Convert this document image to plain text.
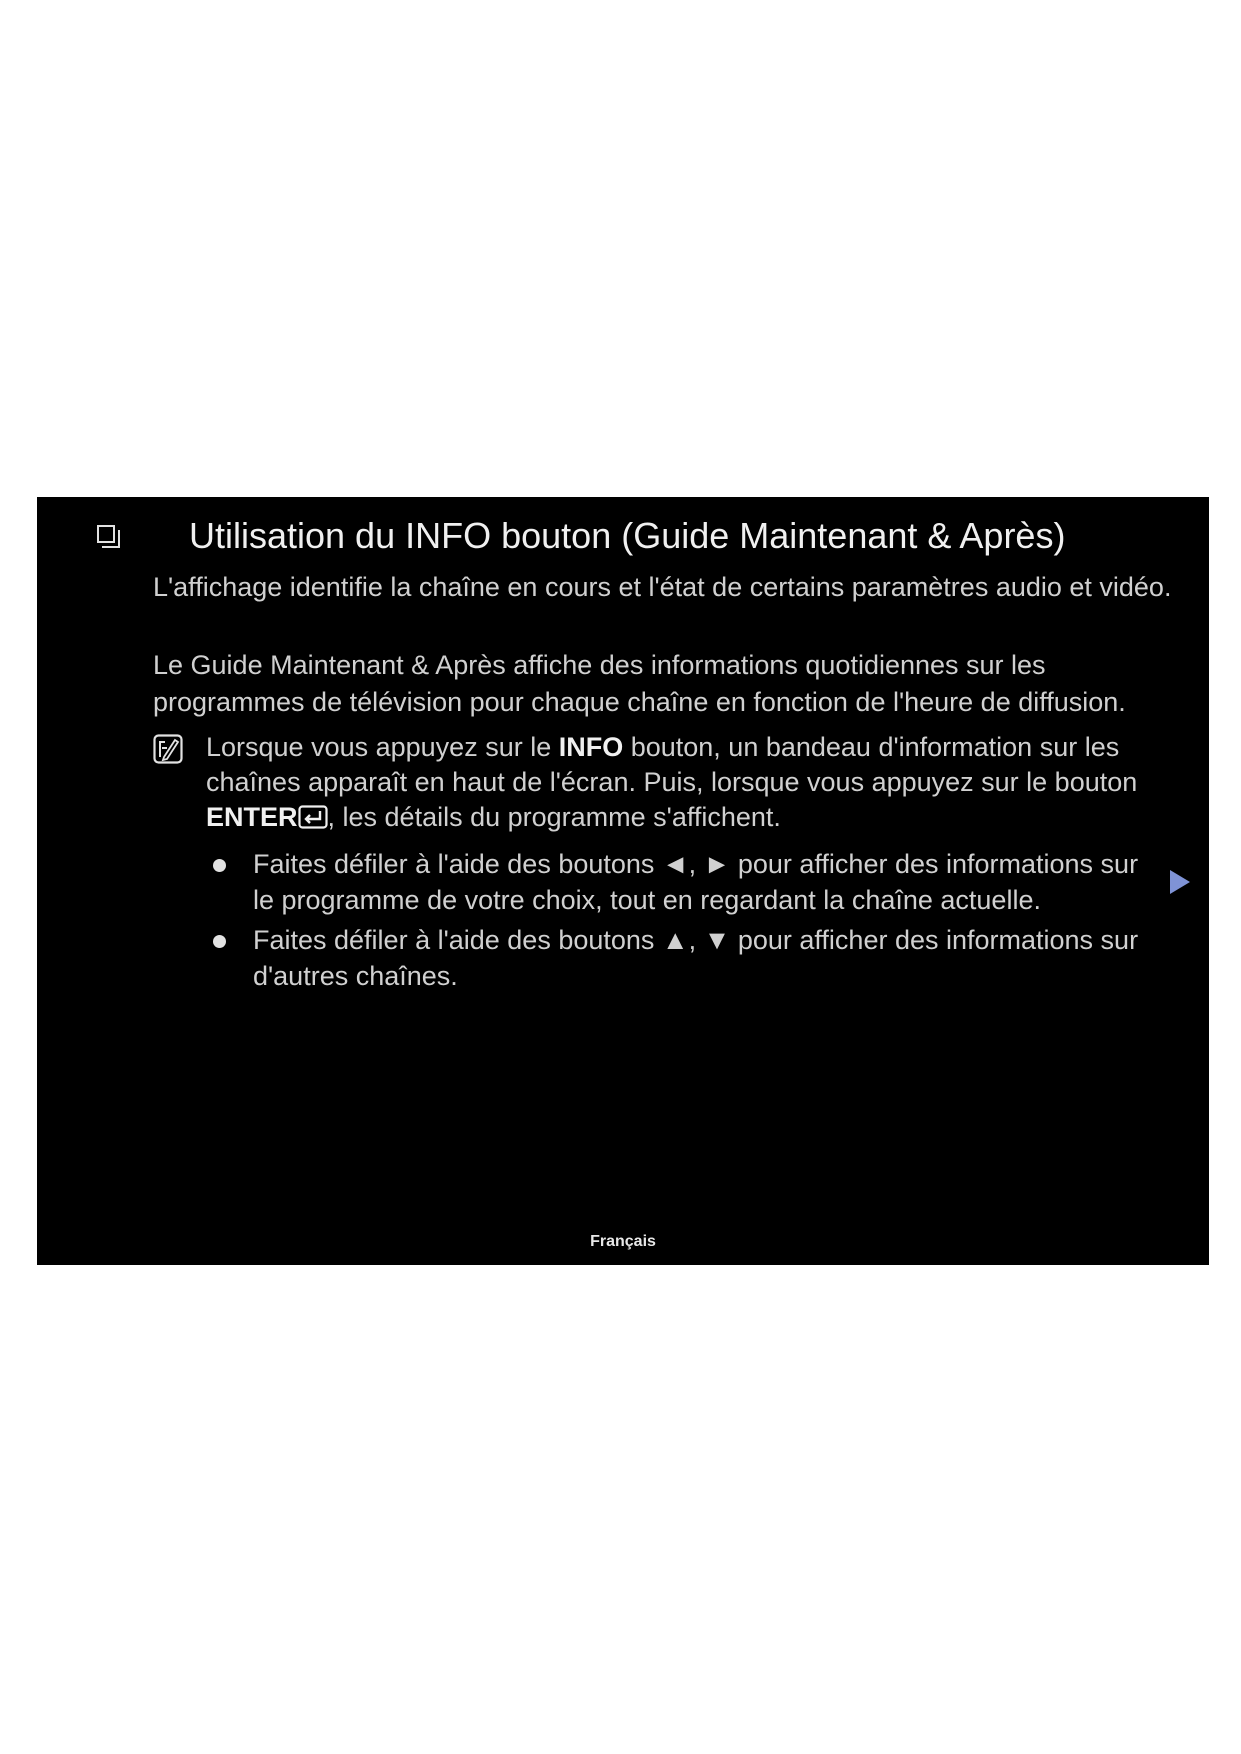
Utilisation du INFO bouton (Guide Maintenant & Après)

L'affichage identifie la chaîne en cours et l'état de certains paramètres audio et vidéo.

Le Guide Maintenant & Après affiche des informations quotidiennes sur les programmes de télévision pour chaque chaîne en fonction de l'heure de diffusion.

Lorsque vous appuyez sur le INFO bouton, un bandeau d'information sur les chaînes apparaît en haut de l'écran. Puis, lorsque vous appuyez sur le bouton ENTER , les détails du programme s'affichent.

Faites défiler à l'aide des boutons ◄, ► pour afficher des informations sur le programme de votre choix, tout en regardant la chaîne actuelle.
Faites défiler à l'aide des boutons ▲, ▼ pour afficher des informations sur d'autres chaînes.
Français
